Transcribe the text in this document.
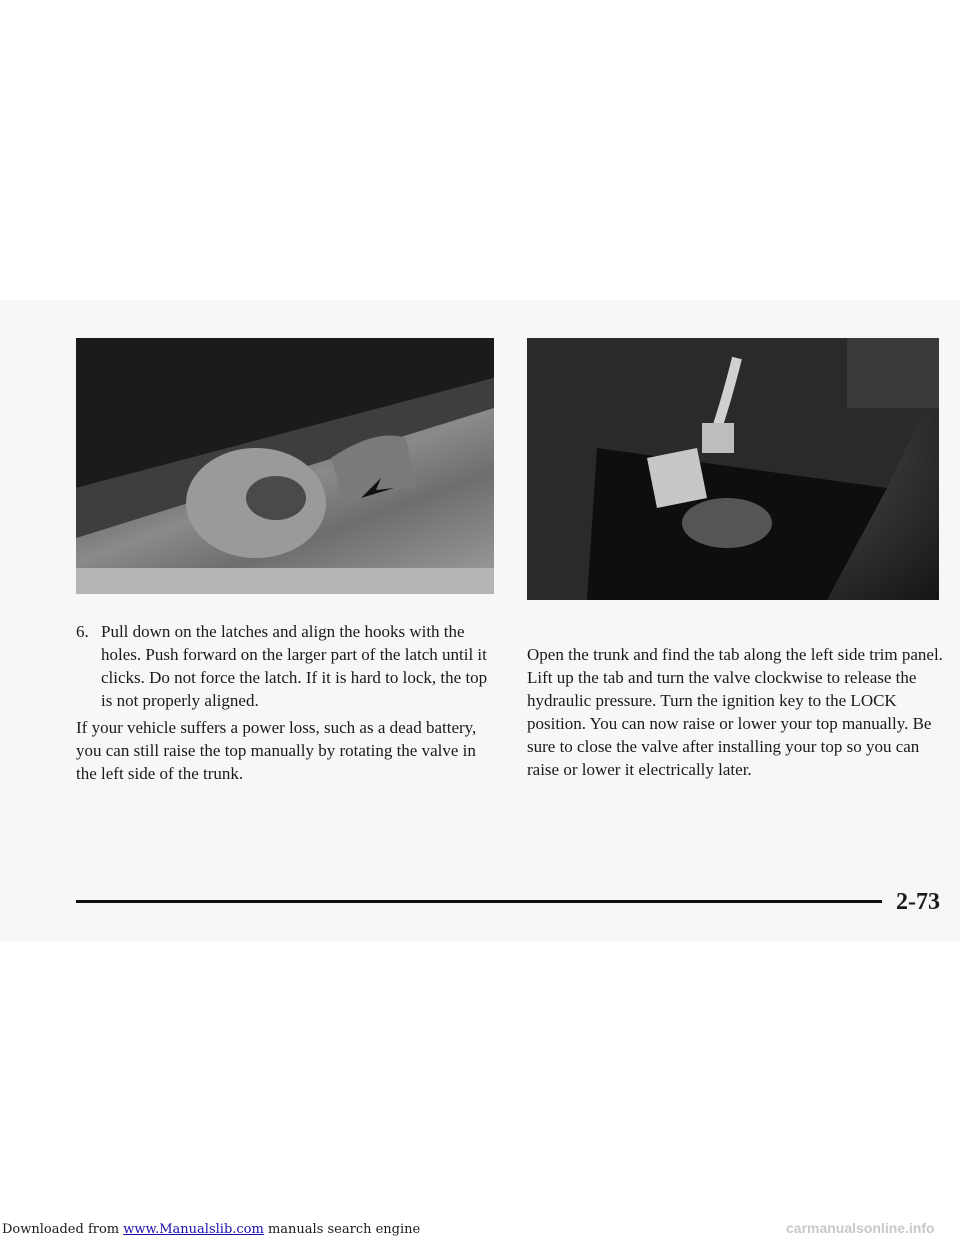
6. Pull down on the latches and align the hooks with the holes. Push forward on the larger part of the latch until it clicks. Do not force the latch. If it is hard to lock, the top is not properly aligned.

If your vehicle suffers a power loss, such as a dead battery, you can still raise the top manually by rotating the valve in the left side of the trunk.

Open the trunk and find the tab along the left side trim panel. Lift up the tab and turn the valve clockwise to release the hydraulic pressure. Turn the ignition key to the LOCK position. You can now raise or lower your top manually. Be sure to close the valve after installing your top so you can raise or lower it electrically later.

2-73

Downloaded from www.Manualslib.com manuals search engine	carmanualsonline.info
